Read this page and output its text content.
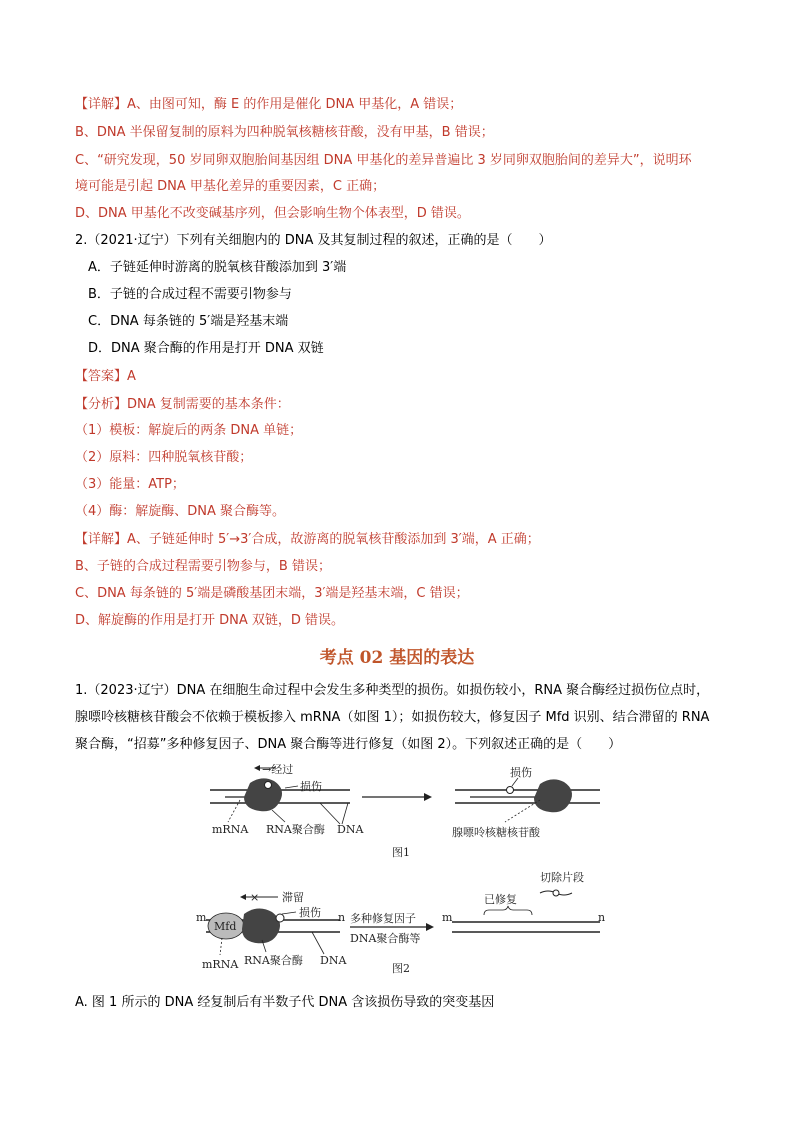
【详解】A、由图可知，酶 E 的作用是催化 DNA 甲基化，A 错误；
B、DNA 半保留复制的原料为四种脱氧核糖核苷酸，没有甲基，B 错误；
C、“研究发现，50 岁同卵双胞胎间基因组 DNA 甲基化的差异普遍比 3 岁同卵双胞胎间的差异大”，说明环
境可能是引起 DNA 甲基化差异的重要因素，C 正确；
D、DNA 甲基化不改变碱基序列，但会影响生物个体表型，D 错误。
2.（2021·辽宁）下列有关细胞内的 DNA 及其复制过程的叙述，正确的是（　　）
A．子链延伸时游离的脱氧核苷酸添加到 3′端
B．子链的合成过程不需要引物参与
C．DNA 每条链的 5′端是羟基末端
D．DNA 聚合酶的作用是打开 DNA 双链
【答案】A
【分析】DNA 复制需要的基本条件：
（1）模板：解旋后的两条 DNA 单链；
（2）原料：四种脱氧核苷酸；
（3）能量：ATP；
（4）酶：解旋酶、DNA 聚合酶等。
【详解】A、子链延伸时 5′→3′合成，故游离的脱氧核苷酸添加到 3′端，A 正确；
B、子链的合成过程需要引物参与，B 错误；
C、DNA 每条链的 5′端是磷酸基团末端，3′端是羟基末端，C 错误；
D、解旋酶的作用是打开 DNA 双链，D 错误。
考点 02 基因的表达
1.（2023·辽宁）DNA 在细胞生命过程中会发生多种类型的损伤。如损伤较小，RNA 聚合酶经过损伤位点时，
腺嘌呤核糖核苷酸会不依赖于模板掺入 mRNA（如图 1）；如损伤较大，修复因子 Mfd 识别、结合滞留的 RNA
聚合酶，“招募”多种修复因子、DNA 聚合酶等进行修复（如图 2）。下列叙述正确的是（　　）
→经过
损伤
mRNA RNA聚合酶 DNA
损伤
腺嘌呤核糖核苷酸
图1
m	n
Mfd
× 滞留
损伤
mRNA RNA聚合酶 DNA
多种修复因子
DNA聚合酶等
m	n
已修复
切除片段
图2
A. 图 1 所示的 DNA 经复制后有半数子代 DNA 含该损伤导致的突变基因
